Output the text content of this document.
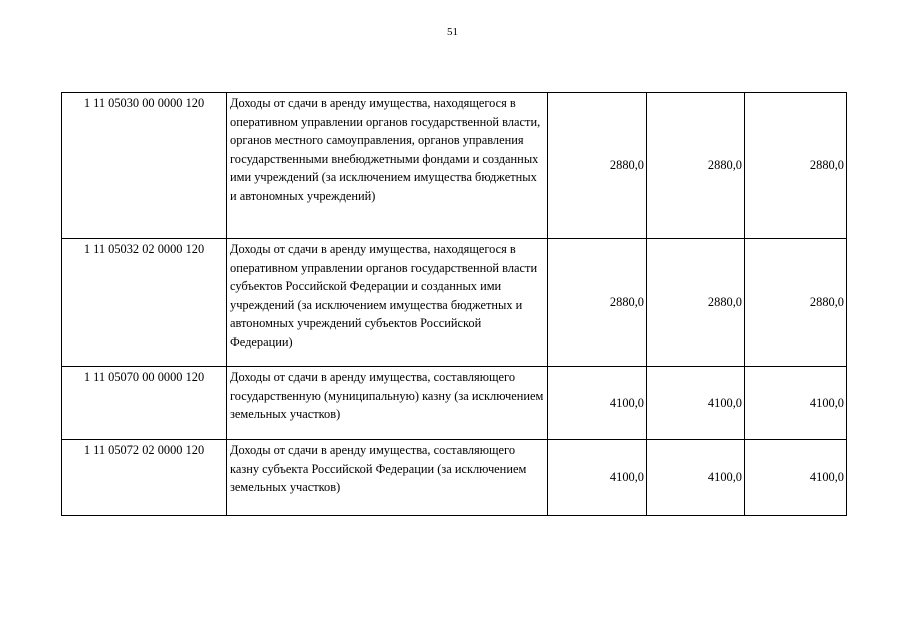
51
1 11 05030 00 0000 120	Доходы от сдачи в аренду имущества, находящегося в оперативном управлении органов государственной власти, органов местного самоуправления, органов управления государственными внебюджетными фондами и созданных ими учреждений (за исключением имущества бюджетных и автономных учреждений)	2880,0	2880,0	2880,0
1 11 05032 02 0000 120	Доходы от сдачи в аренду имущества, находящегося в оперативном управлении органов государственной власти субъектов Российской Федерации и созданных ими учреждений (за исключением имущества бюджетных и автономных учреждений субъектов Российской Федерации)	2880,0	2880,0	2880,0
1 11 05070 00 0000 120	Доходы от сдачи в аренду имущества, составляющего государственную (муниципальную) казну (за исключением земельных участков)	4100,0	4100,0	4100,0
1 11 05072 02 0000 120	Доходы от сдачи в аренду имущества, составляющего казну субъекта Российской Федерации (за исключением земельных участков)	4100,0	4100,0	4100,0
